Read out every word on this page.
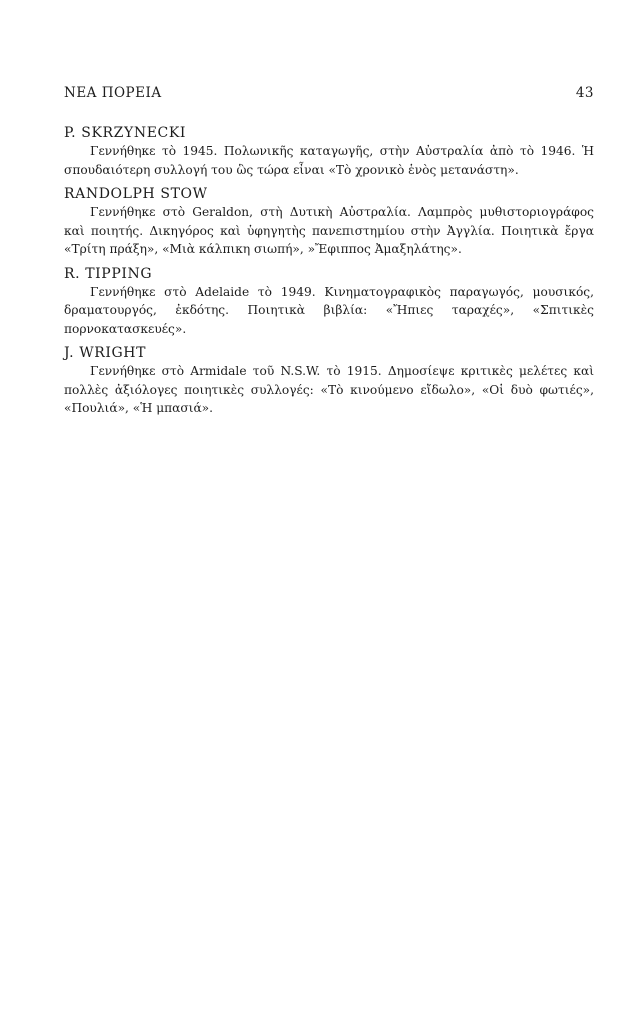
ΝΕΑ ΠΟΡΕΙΑ	43
P. SKRZYNECKI

Γεννήθηκε τὸ 1945. Πολωνικῆς καταγωγῆς, στὴν Αὐστραλία ἀπὸ τὸ 1946. Ἡ σπουδαιότερη συλλογή του ὣς τώρα εἶναι «Τὸ χρονικὸ ἑνὸς μετανάστη».

RANDOLPH STOW

Γεννήθηκε στὸ Geraldon, στὴ Δυτικὴ Αὐστραλία. Λαμπρὸς μυθιστοριογράφος καὶ ποιητής. Δικηγόρος καὶ ὑφηγητὴς πανεπιστημίου στὴν Ἀγγλία. Ποιητικὰ ἔργα «Τρίτη πράξη», «Μιὰ κάλπικη σιωπή», »Ἔφιππος Ἀμαξηλάτης».

R. TIPPING

Γεννήθηκε στὸ Adelaide τὸ 1949. Κινηματογραφικὸς παραγωγός, μουσικός, δραματουργός, ἐκδότης. Ποιητικὰ βιβλία: «Ἤπιες ταραχές», «Σπιτικὲς πορνοκατασκευές».

J. WRIGHT

Γεννήθηκε στὸ Armidale τοῦ N.S.W. τὸ 1915. Δημοσίεψε κριτικὲς μελέτες καὶ πολλὲς ἀξιόλογες ποιητικὲς συλλογές: «Τὸ κινούμενο εἴδωλο», «Οἱ δυὸ φωτιές», «Πουλιά», «Ἡ μπασιά».
